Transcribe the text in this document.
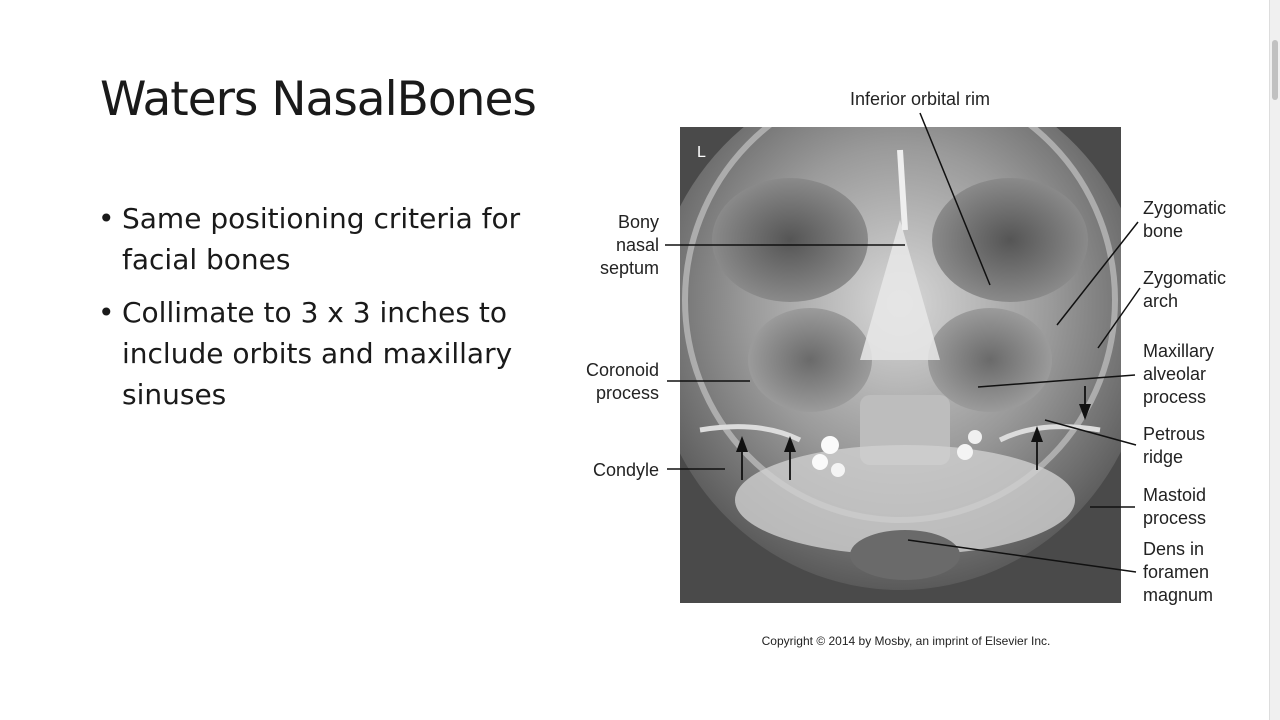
Waters NasalBones
• Same positioning criteria for facial bones
• Collimate to 3 x 3 inches to include orbits and maxillary sinuses
L
Inferior orbital rim
Bony
nasal
septum
Zygomatic
bone
Zygomatic
arch
Coronoid
process
Maxillary
alveolar
process
Petrous
ridge
Condyle
Mastoid
process
Dens in
foramen
magnum
Copyright © 2014 by Mosby, an imprint of Elsevier Inc.
